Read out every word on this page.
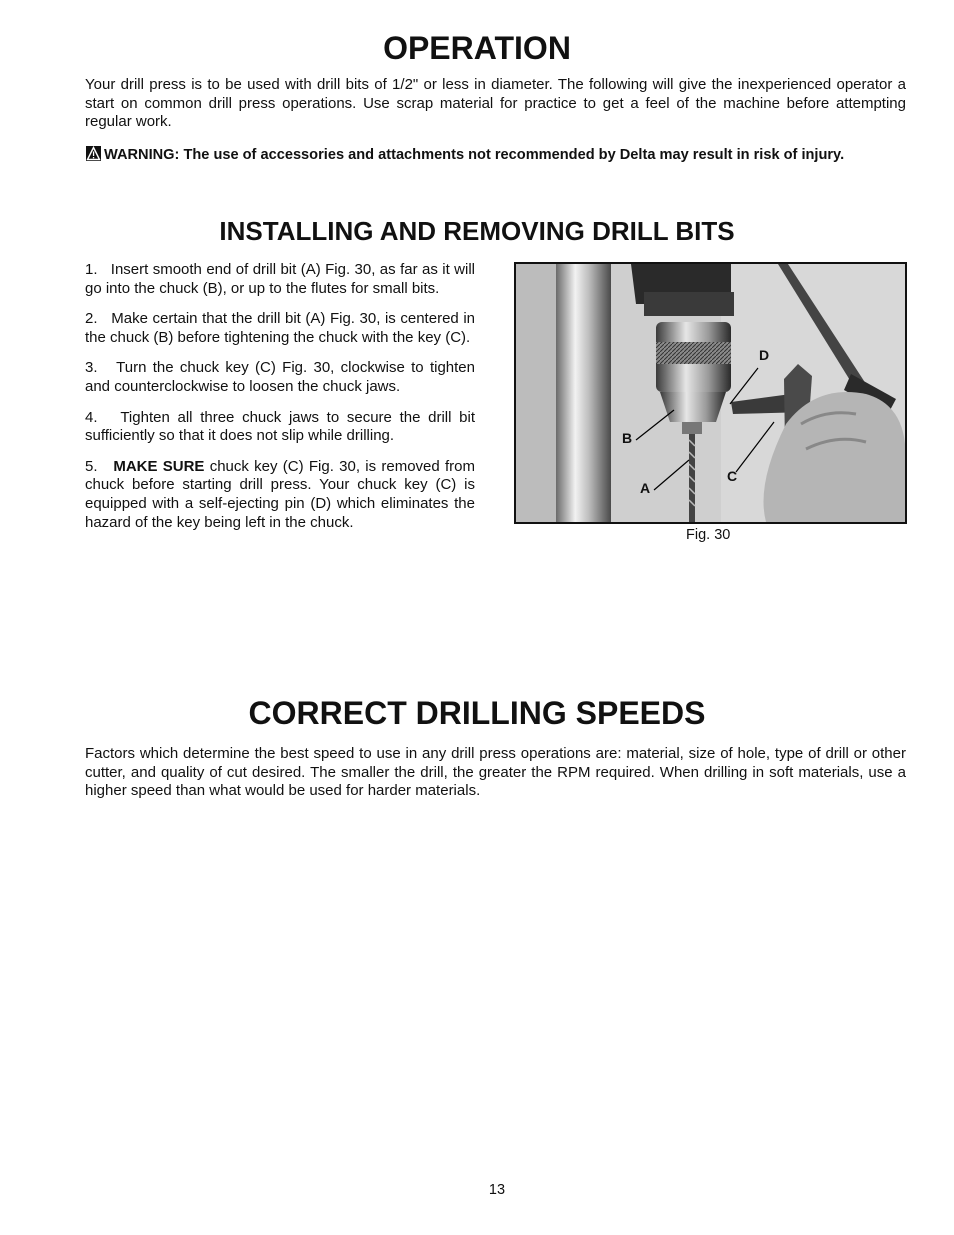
OPERATION

Your drill press is to be used with drill bits of 1/2" or less in diameter. The following will give the inexperienced operator a start on common drill press operations. Use scrap material for practice to get a feel of the machine before attempting regular work.

WARNING: The use of accessories and attachments not recommended by Delta may result in risk of injury.
INSTALLING AND REMOVING DRILL BITS

1. Insert smooth end of drill bit (A) Fig. 30, as far as it will go into the chuck (B), or up to the flutes for small bits.

2. Make certain that the drill bit (A) Fig. 30, is centered in the chuck (B) before tightening the chuck with the key (C).

3. Turn the chuck key (C) Fig. 30, clockwise to tighten and counterclockwise to loosen the chuck jaws.

4. Tighten all three chuck jaws to secure the drill bit sufficiently so that it does not slip while drilling.

5. MAKE SURE chuck key (C) Fig. 30, is removed from chuck before starting drill press. Your chuck key (C) is equipped with a self-ejecting pin (D) which eliminates the hazard of the key being left in the chuck.

B
A
C
D
Fig. 30
CORRECT DRILLING SPEEDS

Factors which determine the best speed to use in any drill press operations are: material, size of hole, type of drill or other cutter, and quality of cut desired. The smaller the drill, the greater the RPM required. When drilling in soft materials, use a higher speed than what would be used for harder materials.

13
